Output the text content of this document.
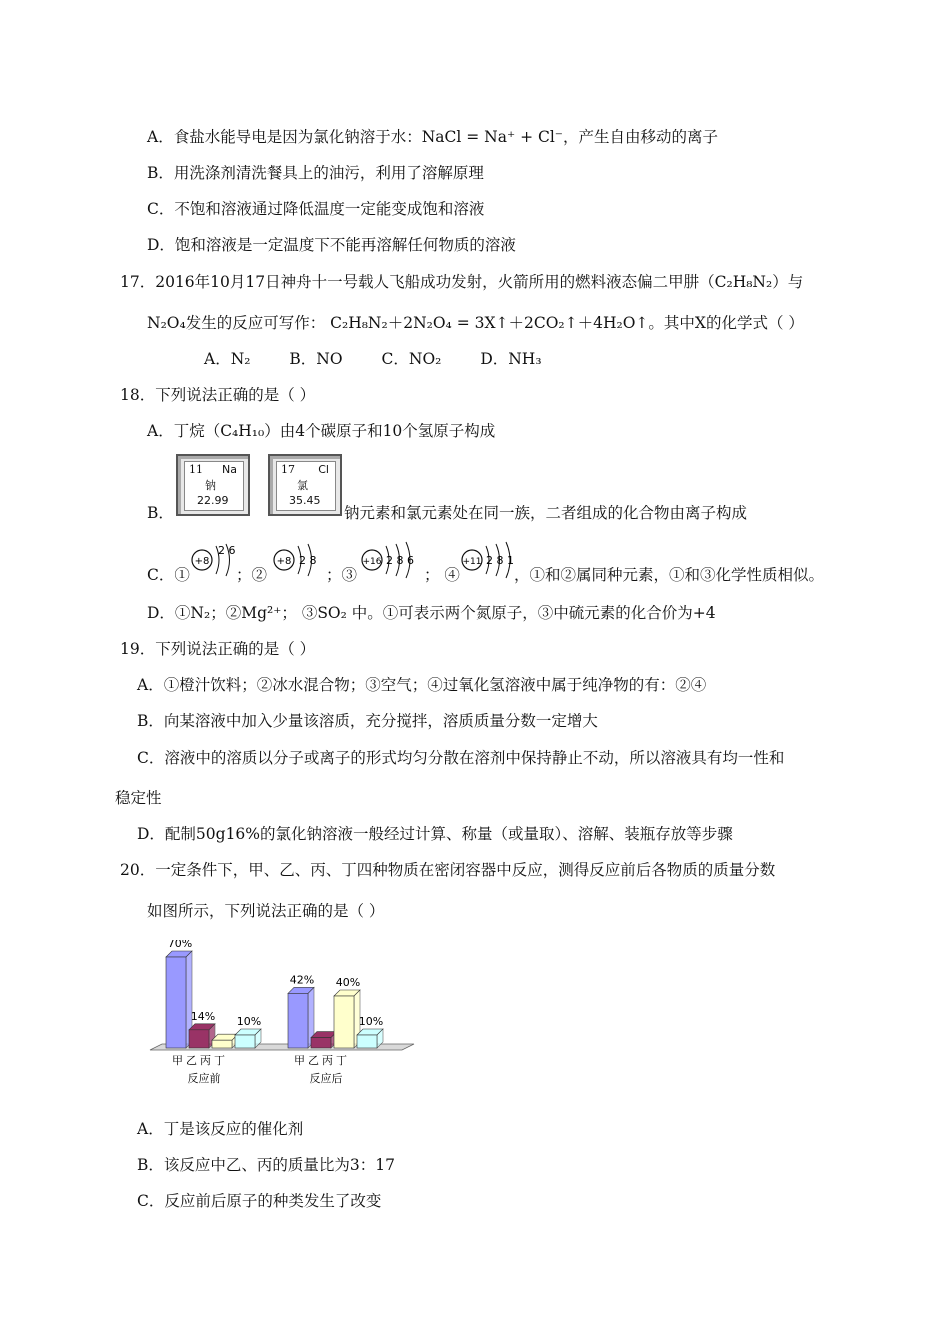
A．食盐水能导电是因为氯化钠溶于水：NaCl = Na⁺ + Cl⁻，产生自由移动的离子
B．用洗涤剂清洗餐具上的油污，利用了溶解原理
C．不饱和溶液通过降低温度一定能变成饱和溶液
D．饱和溶液是一定温度下不能再溶解任何物质的溶液
17．2016年10月17日神舟十一号载人飞船成功发射，火箭所用的燃料液态偏二甲肼（C₂H₈N₂）与
N₂O₄发生的反应可写作： C₂H₈N₂＋2N₂O₄ = 3X↑＋2CO₂↑＋4H₂O↑。其中X的化学式（ ）
A．N₂	B．NO	C．NO₂	D．NH₃
18．下列说法正确的是（ ）
A．丁烷（C₄H₁₀）由4个碳原子和10个氢原子构成
B．
11 Na
钠
22.99
17 Cl
氯
35.45
钠元素和氯元素处在同一族，二者组成的化合物由离子构成
C．①
+8
2 6
；②
+8 2 8
；③
+16 2 8 6
； ④
+11 2 8 1
，①和②属同种元素，①和③化学性质相似。
D．①N₂；②Mg²⁺； ③SO₂ 中。①可表示两个氮原子，③中硫元素的化合价为+4
19．下列说法正确的是（ ）
A．①橙汁饮料；②冰水混合物；③空气；④过氧化氢溶液中属于纯净物的有：②④
B．向某溶液中加入少量该溶质，充分搅拌，溶质质量分数一定增大
C．溶液中的溶质以分子或离子的形式均匀分散在溶剂中保持静止不动，所以溶液具有均一性和
稳定性
D．配制50g16%的氯化钠溶液一般经过计算、称量（或量取）、溶解、装瓶存放等步骤
20．一定条件下，甲、乙、丙、丁四种物质在密闭容器中反应，测得反应前后各物质的质量分数
如图所示，下列说法正确的是（ ）
70%
14% 10%
42% 40%
10%
甲 乙 丙 丁	甲 乙 丙 丁
反应前	反应后
A．丁是该反应的催化剂
B．该反应中乙、丙的质量比为3：17
C．反应前后原子的种类发生了改变
